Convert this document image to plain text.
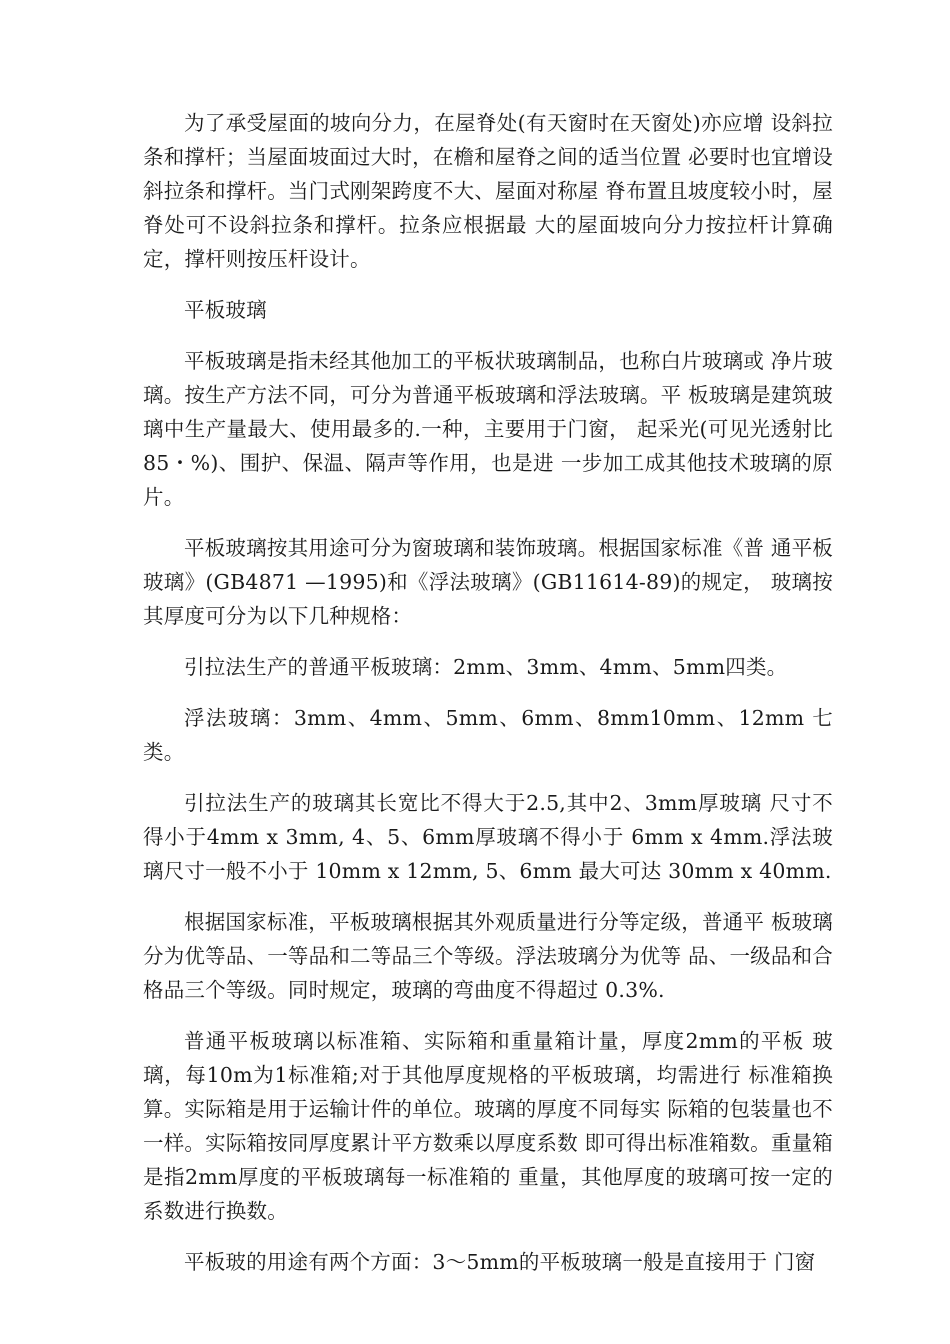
为了承受屋面的坡向分力，在屋脊处(有天窗时在天窗处)亦应增 设斜拉条和撑杆；当屋面坡面过大时，在檐和屋脊之间的适当位置 必要时也宜增设斜拉条和撑杆。当门式刚架跨度不大、屋面对称屋 脊布置且坡度较小时，屋脊处可不设斜拉条和撑杆。拉条应根据最 大的屋面坡向分力按拉杆计算确定，撑杆则按压杆设计。

平板玻璃

平板玻璃是指未经其他加工的平板状玻璃制品，也称白片玻璃或 净片玻璃。按生产方法不同，可分为普通平板玻璃和浮法玻璃。平 板玻璃是建筑玻璃中生产量最大、使用最多的.一种，主要用于门窗， 起采光(可见光透射比85・%)、围护、保温、隔声等作用，也是进 一步加工成其他技术玻璃的原片。

平板玻璃按其用途可分为窗玻璃和装饰玻璃。根据国家标准《普 通平板玻璃》(GB4871 —1995)和《浮法玻璃》(GB11614-89)的规定， 玻璃按其厚度可分为以下几种规格：

引拉法生产的普通平板玻璃：2mm、3mm、4mm、5mm四类。

浮法玻璃：3mm、4mm、5mm、6mm、8mm10mm、12mm 七类。

引拉法生产的玻璃其长宽比不得大于2.5,其中2、3mm厚玻璃 尺寸不得小于4mm x 3mm, 4、5、6mm厚玻璃不得小于 6mm x 4mm.浮法玻璃尺寸一般不小于 10mm x 12mm, 5、6mm 最大可达 30mm x 40mm.

根据国家标准，平板玻璃根据其外观质量进行分等定级，普通平 板玻璃分为优等品、一等品和二等品三个等级。浮法玻璃分为优等 品、一级品和合格品三个等级。同时规定，玻璃的弯曲度不得超过 0.3%.

普通平板玻璃以标准箱、实际箱和重量箱计量，厚度2mm的平板 玻璃，每10m为1标准箱;对于其他厚度规格的平板玻璃，均需进行 标准箱换算。实际箱是用于运输计件的单位。玻璃的厚度不同每实 际箱的包装量也不一样。实际箱按同厚度累计平方数乘以厚度系数 即可得出标准箱数。重量箱是指2mm厚度的平板玻璃每一标准箱的 重量，其他厚度的玻璃可按一定的系数进行换数。

平板玻的用途有两个方面：3〜5mm的平板玻璃一般是直接用于 门窗
